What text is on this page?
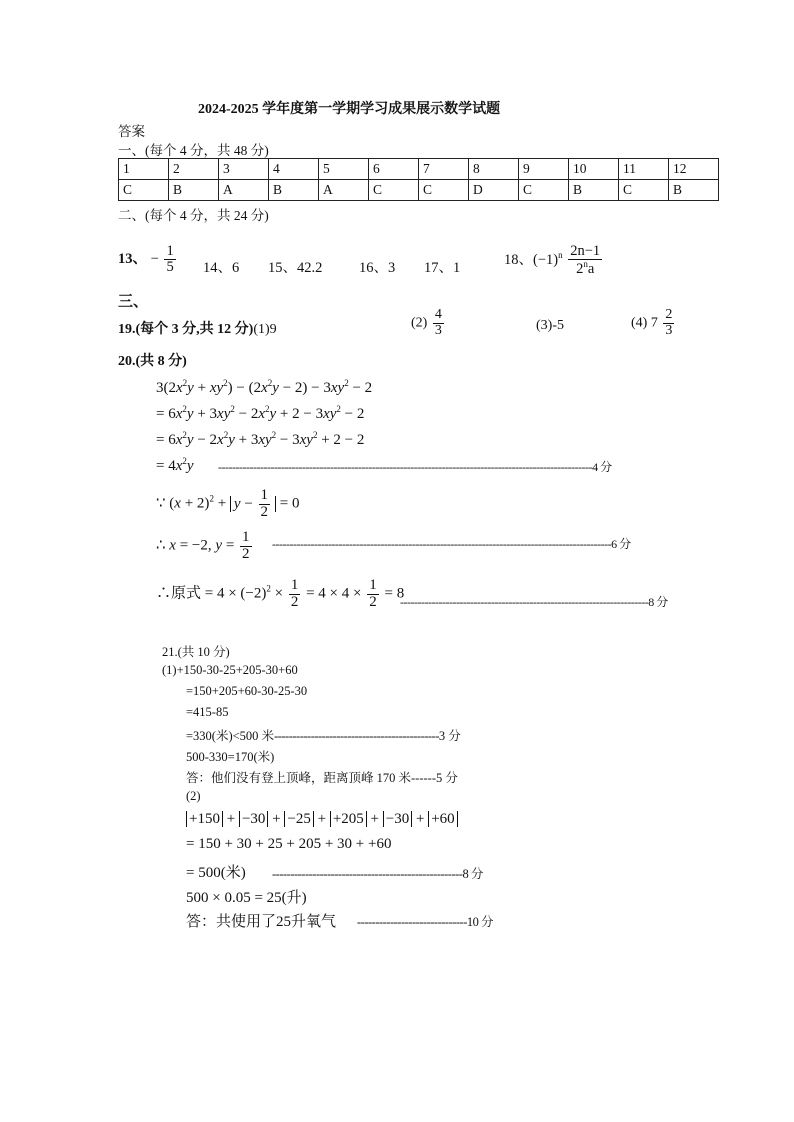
2024-2025 学年度第一学期学习成果展示数学试题
答案
一、(每个 4 分，共 48 分)
1	2	3	4	5	6	7	8	9	10	11	12
C	B	A	B	A	C	C	D	C	B	C	B
二、(每个 4 分，共 24 分)
13、 − $\frac{1}{5} 14$、6 15、42.2	16、3 17、1
18、$(-1)^n \frac{2n-1}{2^na}$
三、
19.(每个 3 分,共 12 分)(1)9	$(2) \frac{4}{3}$	(3)-5	(4) $7 \frac{2}{3}$
20.(共 8 分)
$3(2x^2y + xy^2) - (2x^2y - 2) - 3xy^2 - 2$
= $6x^2y + 3xy^2 - 2x^2y + 2 - 3xy^2 - 2$
= $6x^2y - 2x^2y + 3xy^2 - 3xy^2 + 2 - 2$
= $4x^2y$ -----------------------------------------------------------------------------------------------------------4 分
∵ $(x + 2)^2 + y - \frac{1}{2} = 0$
∴ x = −2, $y = \frac{1}{2} -------------------------------------------------------------------------------------------------6$ 分
∴原式 = $4 \times (-2)^2 \times \frac{1}{2} = 4 \times 4 \times \frac{1}{2} = 8$
-----------------------------------------------------------------------8 分
21.(共 10 分)
(1)+150-30-25+205-30+60
=150+205+60-30-25-30
=415-85
=330(米)<500 米---------------------------------------------3 分
500-330=170(米)
答：他们没有登上顶峰，距离顶峰 170 米------5 分
(2)
+150 + −30 + −25 + +205 + −30 + +60
= 150 + 30 + 25 + 205 + 30 + +60
= 500(米) ----------------------------------------------------8 分
500 × 0.05 = 25(升)
答：共使用了25升氧气 ------------------------------10 分
